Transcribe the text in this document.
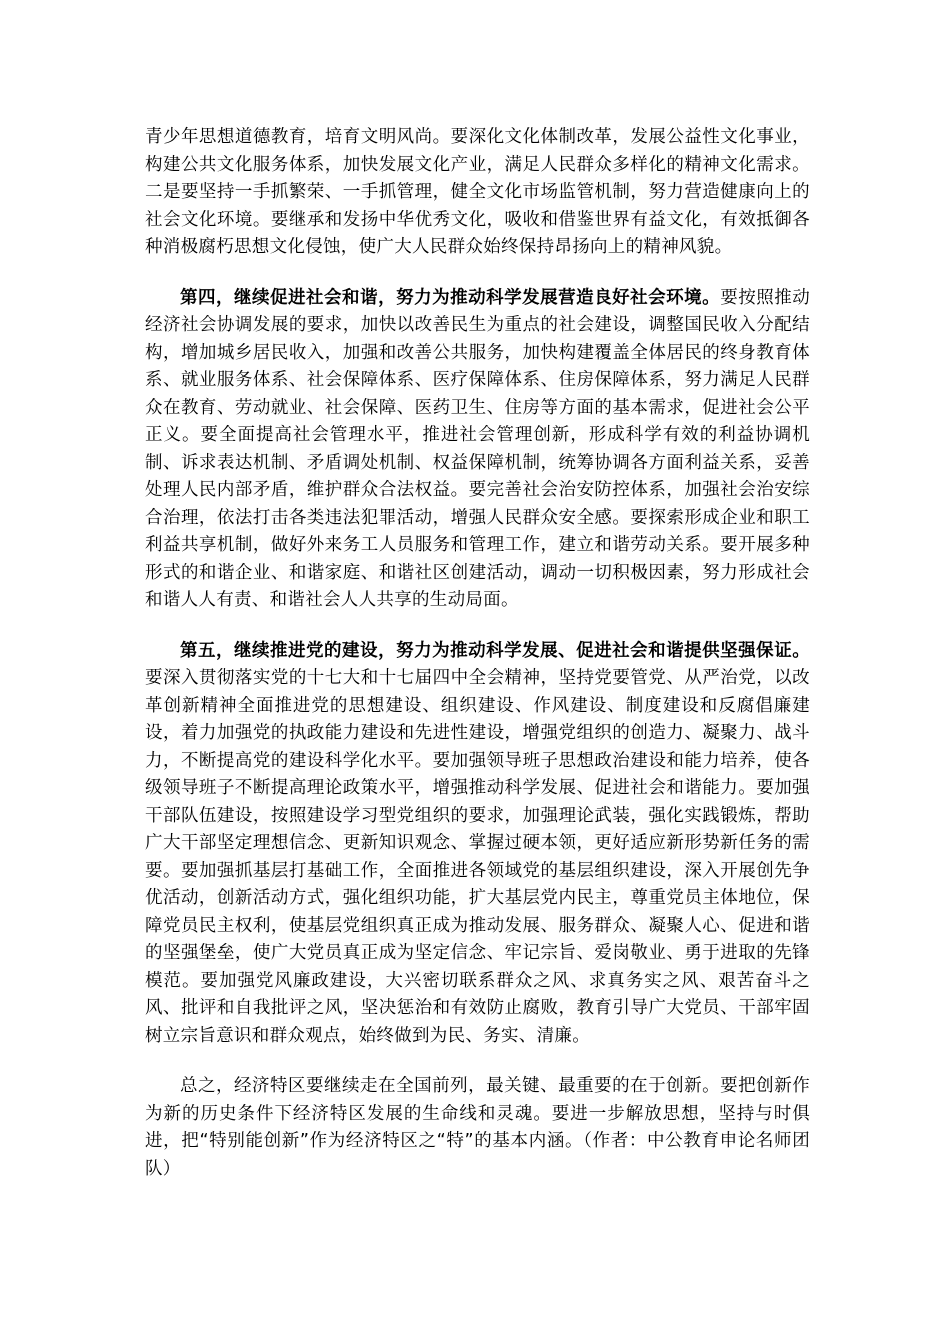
青少年思想道德教育，培育文明风尚。要深化文化体制改革，发展公益性文化事业，构建公共文化服务体系，加快发展文化产业，满足人民群众多样化的精神文化需求。二是要坚持一手抓繁荣、一手抓管理，健全文化市场监管机制，努力营造健康向上的社会文化环境。要继承和发扬中华优秀文化，吸收和借鉴世界有益文化，有效抵御各种消极腐朽思想文化侵蚀，使广大人民群众始终保持昂扬向上的精神风貌。

第四，继续促进社会和谐，努力为推动科学发展营造良好社会环境。要按照推动经济社会协调发展的要求，加快以改善民生为重点的社会建设，调整国民收入分配结构，增加城乡居民收入，加强和改善公共服务，加快构建覆盖全体居民的终身教育体系、就业服务体系、社会保障体系、医疗保障体系、住房保障体系，努力满足人民群众在教育、劳动就业、社会保障、医药卫生、住房等方面的基本需求，促进社会公平正义。要全面提高社会管理水平，推进社会管理创新，形成科学有效的利益协调机制、诉求表达机制、矛盾调处机制、权益保障机制，统筹协调各方面利益关系，妥善处理人民内部矛盾，维护群众合法权益。要完善社会治安防控体系，加强社会治安综合治理，依法打击各类违法犯罪活动，增强人民群众安全感。要探索形成企业和职工利益共享机制，做好外来务工人员服务和管理工作，建立和谐劳动关系。要开展多种形式的和谐企业、和谐家庭、和谐社区创建活动，调动一切积极因素，努力形成社会和谐人人有责、和谐社会人人共享的生动局面。

第五，继续推进党的建设，努力为推动科学发展、促进社会和谐提供坚强保证。要深入贯彻落实党的十七大和十七届四中全会精神，坚持党要管党、从严治党，以改革创新精神全面推进党的思想建设、组织建设、作风建设、制度建设和反腐倡廉建设，着力加强党的执政能力建设和先进性建设，增强党组织的创造力、凝聚力、战斗力，不断提高党的建设科学化水平。要加强领导班子思想政治建设和能力培养，使各级领导班子不断提高理论政策水平，增强推动科学发展、促进社会和谐能力。要加强干部队伍建设，按照建设学习型党组织的要求，加强理论武装，强化实践锻炼，帮助广大干部坚定理想信念、更新知识观念、掌握过硬本领，更好适应新形势新任务的需要。要加强抓基层打基础工作，全面推进各领域党的基层组织建设，深入开展创先争优活动，创新活动方式，强化组织功能，扩大基层党内民主，尊重党员主体地位，保障党员民主权利，使基层党组织真正成为推动发展、服务群众、凝聚人心、促进和谐的坚强堡垒，使广大党员真正成为坚定信念、牢记宗旨、爱岗敬业、勇于进取的先锋模范。要加强党风廉政建设，大兴密切联系群众之风、求真务实之风、艰苦奋斗之风、批评和自我批评之风，坚决惩治和有效防止腐败，教育引导广大党员、干部牢固树立宗旨意识和群众观点，始终做到为民、务实、清廉。

总之，经济特区要继续走在全国前列，最关键、最重要的在于创新。要把创新作为新的历史条件下经济特区发展的生命线和灵魂。要进一步解放思想，坚持与时俱进，把“特别能创新”作为经济特区之“特”的基本内涵。（作者：中公教育申论名师团队）
